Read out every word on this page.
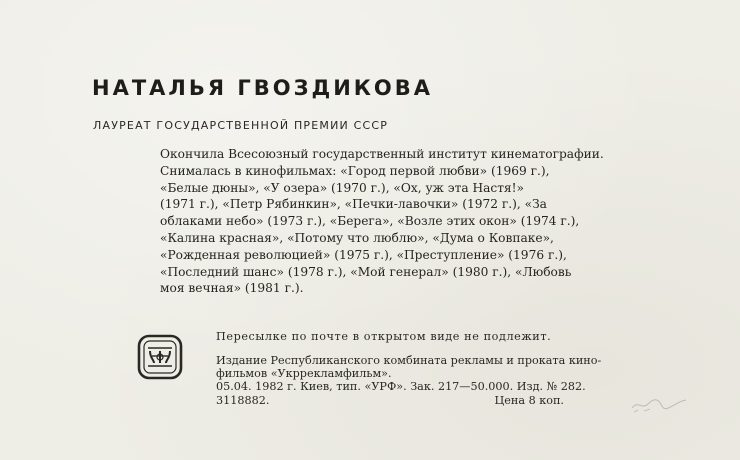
НАТАЛЬЯ ГВОЗДИКОВА
ЛАУРЕАТ ГОСУДАРСТВЕННОЙ ПРЕМИИ СССР
Окончила Всесоюзный государственный институт кинематографии.
Снималась в кинофильмах: «Город первой любви» (1969 г.),
«Белые дюны», «У озера» (1970 г.), «Ох, уж эта Настя!»
(1971 г.), «Петр Рябинкин», «Печки-лавочки» (1972 г.), «За
облаками небо» (1973 г.), «Берега», «Возле этих окон» (1974 г.),
«Калина красная», «Потому что люблю», «Дума о Ковпаке»,
«Рожденная революцией» (1975 г.), «Преступление» (1976 г.),
«Последний шанс» (1978 г.), «Мой генерал» (1980 г.), «Любовь
моя вечная» (1981 г.).
Пересылке по почте в открытом виде не подлежит.
Издание Республиканского комбината рекламы и проката кино-
фильмов «Укррекламфильм».
05.04. 1982 г. Киев, тип. «УРФ». Зак. 217—50.000. Изд. № 282.
3118882.	Цена 8 коп.
